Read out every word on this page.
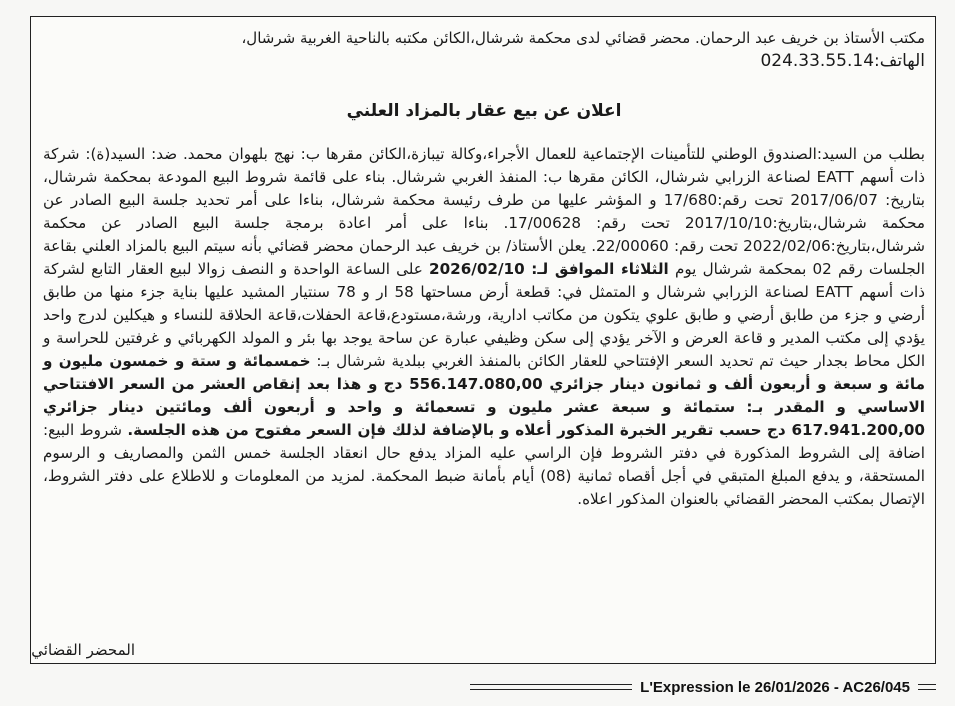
مكتب الأستاذ بن خريف عبد الرحمان. محضر قضائي لدى محكمة شرشال،الكائن مكتبه بالناحية الغربية شرشال،

الهاتف:024.33.55.14

اعلان عن بيع عقار بالمزاد العلني

بطلب من السيد:الصندوق الوطني للتأمينات الإجتماعية للعمال الأجراء،وكالة تيبازة،الكائن مقرها ب: نهج بلهوان محمد. ضد: السيد(ة): شركة ذات أسهم EATT لصناعة الزرابي شرشال، الكائن مقرها ب: المنفذ الغربي شرشال. بناء على قائمة شروط البيع المودعة بمحكمة شرشال، بتاريخ: 2017/06/07 تحت رقم:17/680 و المؤشر عليها من طرف رئيسة محكمة شرشال، بناءا على أمر تحديد جلسة البيع الصادر عن محكمة شرشال،بتاريخ:2017/10/10 تحت رقم: 17/00628. بناءا على أمر اعادة برمجة جلسة البيع الصادر عن محكمة شرشال،بتاريخ:2022/02/06 تحت رقم: 22/00060. يعلن الأستاذ/ بن خريف عبد الرحمان محضر قضائي بأنه سيتم البيع بالمزاد العلني بقاعة الجلسات رقم 02 بمحكمة شرشال يوم الثلاثاء الموافق لـ: 2026/02/10 على الساعة الواحدة و النصف زوالا لبيع العقار التابع لشركة ذات أسهم EATT لصناعة الزرابي شرشال و المتمثل في: قطعة أرض مساحتها 58 ار و 78 سنتيار المشيد عليها بناية جزء منها من طابق أرضي و جزء من طابق أرضي و طابق علوي يتكون من مكاتب ادارية، ورشة،مستودع،قاعة الحفلات،قاعة الحلاقة للنساء و هيكلين لدرج واحد يؤدي إلى مكتب المدير و قاعة العرض و الآخر يؤدي إلى سكن وظيفي عبارة عن ساحة يوجد بها بئر و المولد الكهربائي و غرفتين للحراسة و الكل محاط بجدار حيث تم تحديد السعر الإفتتاحي للعقار الكائن بالمنفذ الغربي ببلدية شرشال بـ: خمسمائة و ستة و خمسون مليون و مائة و سبعة و أربعون ألف و ثمانون دينار جزائري 556.147.080,00 دج و هذا بعد إنقاص العشر من السعر الافتتاحي الاساسي و المقدر بـ: ستمائة و سبعة عشر مليون و تسعمائة و واحد و أربعون ألف ومائتين دينار جزائري 617.941.200,00 دج حسب تقرير الخبرة المذكور أعلاه و بالإضافة لذلك فإن السعر مفتوح من هذه الجلسة. شروط البيع: اضافة إلى الشروط المذكورة في دفتر الشروط فإن الراسي عليه المزاد يدفع حال انعقاد الجلسة خمس الثمن والمصاريف و الرسوم المستحقة، و يدفع المبلغ المتبقي في أجل أقصاه ثمانية (08) أيام بأمانة ضبط المحكمة. لمزيد من المعلومات و للاطلاع على دفتر الشروط، الإتصال بمكتب المحضر القضائي بالعنوان المذكور اعلاه.

المحضر القضائي
L'Expression le 26/01/2026 - AC26/045
